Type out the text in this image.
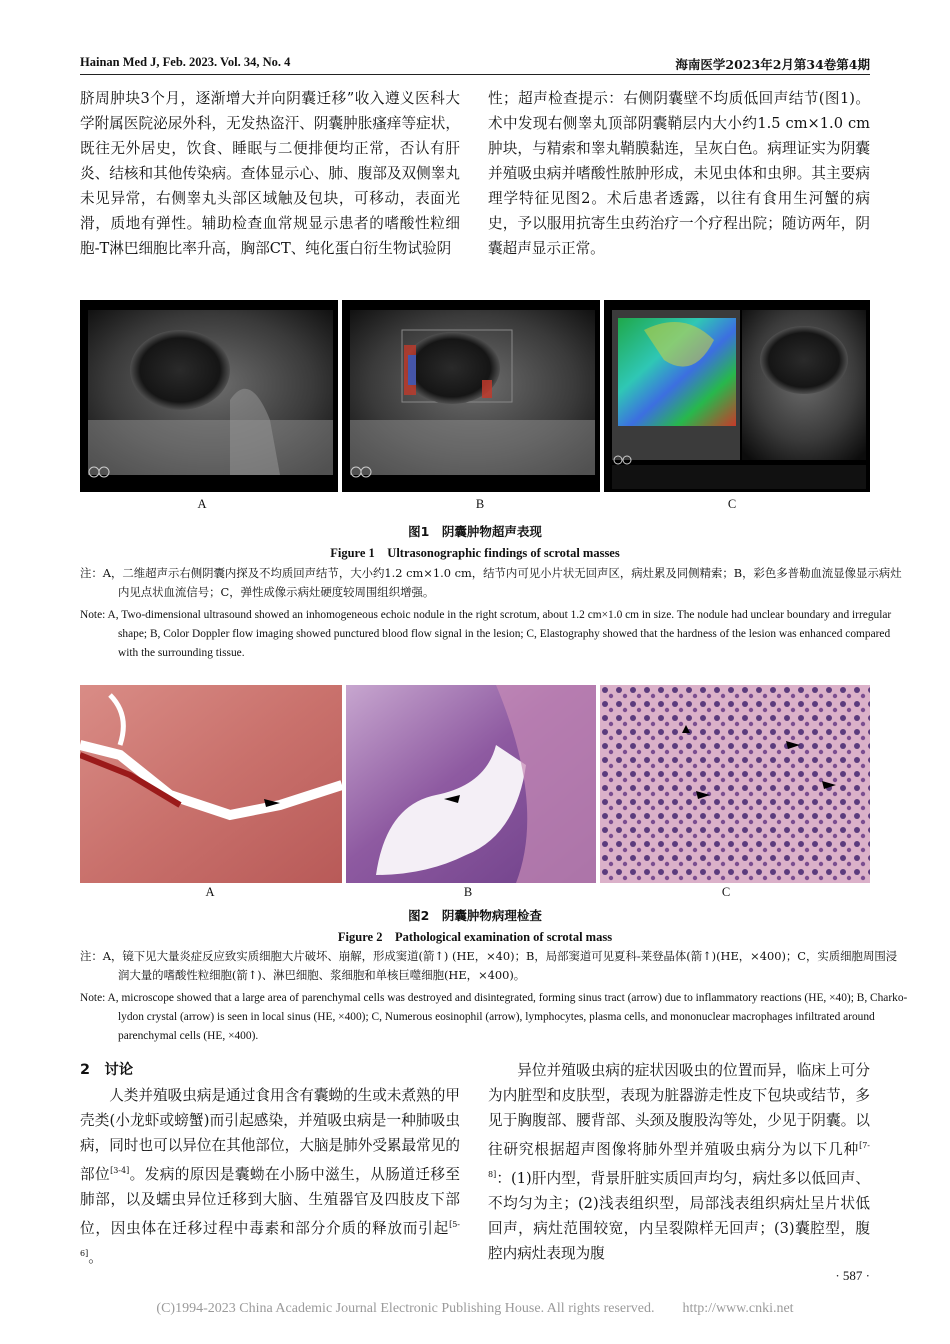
Hainan Med J, Feb. 2023. Vol. 34, No. 4	海南医学2023年2月第34卷第4期

脐周肿块3个月，逐渐增大并向阴囊迁移”收入遵义医科大学附属医院泌尿外科，无发热盗汗、阴囊肿胀瘙痒等症状，既往无外居史，饮食、睡眠与二便排便均正常，否认有肝炎、结核和其他传染病。查体显示心、肺、腹部及双侧睾丸未见异常，右侧睾丸头部区域触及包块，可移动，表面光滑，质地有弹性。辅助检查血常规显示患者的嗜酸性粒细胞-T淋巴细胞比率升高，胸部CT、纯化蛋白衍生物试验阴

性；超声检查提示：右侧阴囊壁不均质低回声结节(图1)。术中发现右侧睾丸顶部阴囊鞘层内大小约1.5 cm×1.0 cm肿块，与精索和睾丸鞘膜黏连，呈灰白色。病理证实为阴囊并殖吸虫病并嗜酸性脓肿形成，未见虫体和虫卵。其主要病理学特征见图2。术后患者透露，以往有食用生河蟹的病史，予以服用抗寄生虫药治疗一个疗程出院；随访两年，阴囊超声显示正常。

A	B	C
图1　阴囊肿物超声表现
Figure 1　Ultrasonographic findings of scrotal masses
注：A，二维超声示右侧阴囊内探及不均质回声结节，大小约1.2 cm×1.0 cm，结节内可见小片状无回声区，病灶累及同侧精索；B，彩色多普勒血流显像显示病灶内见点状血流信号；C，弹性成像示病灶硬度较周围组织增强。
Note: A, Two-dimensional ultrasound showed an inhomogeneous echoic nodule in the right scrotum, about 1.2 cm×1.0 cm in size. The nodule had unclear boundary and irregular shape; B, Color Doppler flow imaging showed punctured blood flow signal in the lesion; C, Elastography showed that the hardness of the lesion was enhanced compared with the surrounding tissue.
A	B	C
图2　阴囊肿物病理检查
Figure 2　Pathological examination of scrotal mass
注：A，镜下见大量炎症反应致实质细胞大片破坏、崩解，形成窦道(箭↑) (HE，×40)；B，局部窦道可见夏科-莱登晶体(箭↑)(HE，×400)；C，实质细胞周围浸润大量的嗜酸性粒细胞(箭↑)、淋巴细胞、浆细胞和单核巨噬细胞(HE，×400)。
Note: A, microscope showed that a large area of parenchymal cells was destroyed and disintegrated, forming sinus tract (arrow) due to inflammatory reactions (HE, ×40); B, Charko-lydon crystal (arrow) is seen in local sinus (HE, ×400); C, Numerous eosinophil (arrow), lymphocytes, plasma cells, and mononuclear macrophages infiltrated around parenchymal cells (HE, ×400).

2　讨论

人类并殖吸虫病是通过食用含有囊蚴的生或未煮熟的甲壳类(小龙虾或螃蟹)而引起感染，并殖吸虫病是一种肺吸虫病，同时也可以异位在其他部位，大脑是肺外受累最常见的部位[3-4]。发病的原因是囊蚴在小肠中滋生，从肠道迁移至肺部，以及蠕虫异位迁移到大脑、生殖器官及四肢皮下部位，因虫体在迁移过程中毒素和部分介质的释放而引起[5-6]。

异位并殖吸虫病的症状因吸虫的位置而异，临床上可分为内脏型和皮肤型，表现为脏器游走性皮下包块或结节，多见于胸腹部、腰背部、头颈及腹股沟等处，少见于阴囊。以往研究根据超声图像将肺外型并殖吸虫病分为以下几种[7-8]：(1)肝内型，背景肝脏实质回声均匀，病灶多以低回声、不均匀为主；(2)浅表组织型，局部浅表组织病灶呈片状低回声，病灶范围较宽，内呈裂隙样无回声；(3)囊腔型，腹腔内病灶表现为腹

· 587 ·
(C)1994-2023 China Academic Journal Electronic Publishing House. All rights reserved.　　http://www.cnki.net
